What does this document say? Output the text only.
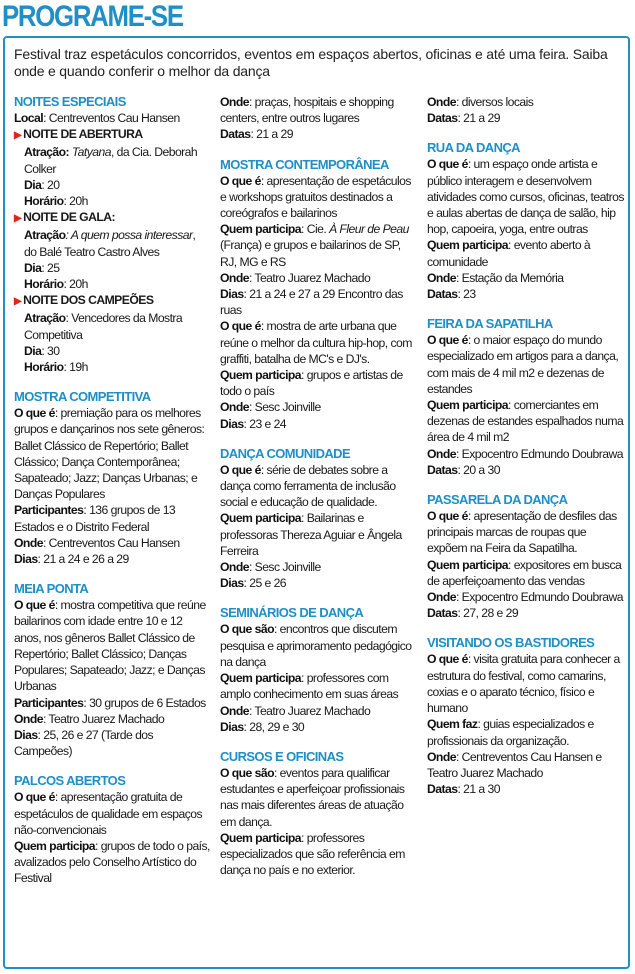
PROGRAME-SE
Festival traz espetáculos concorridos, eventos em espaços abertos, oficinas e até uma feira. Saiba onde e quando conferir o melhor da dança
NOITES ESPECIAIS

Local: Centreventos Cau Hansen

▶ NOITE DE ABERTURA

Atração: Tatyana, da Cia. Deborah Colker

Dia: 20

Horário: 20h

▶ NOITE DE GALA:

Atração: A quem possa interessar, do Balé Teatro Castro Alves

Dia: 25

Horário: 20h

▶ NOITE DOS CAMPEÕES

Atração: Vencedores da Mostra Competitiva

Dia: 30

Horário: 19h

MOSTRA COMPETITIVA

O que é: premiação para os melhores grupos e dançarinos nos sete gêneros: Ballet Clássico de Repertório; Ballet Clássico; Dança Contemporânea; Sapateado; Jazz; Danças Urbanas; e Danças Populares

Participantes: 136 grupos de 13 Estados e o Distrito Federal

Onde: Centreventos Cau Hansen

Dias: 21 a 24 e 26 a 29

MEIA PONTA

O que é: mostra competitiva que reúne bailarinos com idade entre 10 e 12 anos, nos gêneros Ballet Clássico de Repertório; Ballet Clássico; Danças Populares; Sapateado; Jazz; e Danças Urbanas

Participantes: 30 grupos de 6 Estados

Onde: Teatro Juarez Machado

Dias: 25, 26 e 27 (Tarde dos Campeões)

PALCOS ABERTOS

O que é: apresentação gratuita de espetáculos de qualidade em espaços não-convencionais

Quem participa: grupos de todo o país, avalizados pelo Conselho Artístico do Festival

Onde: praças, hospitais e shopping centers, entre outros lugares

Datas: 21 a 29

MOSTRA CONTEMPORÂNEA

O que é: apresentação de espetáculos e workshops gratuitos destinados a coreógrafos e bailarinos

Quem participa: Cie. À Fleur de Peau (França) e grupos e bailarinos de SP, RJ, MG e RS

Onde: Teatro Juarez Machado

Dias: 21 a 24 e 27 a 29 Encontro das ruas

O que é: mostra de arte urbana que reúne o melhor da cultura hip-hop, com graffiti, batalha de MC's e DJ's.

Quem participa: grupos e artistas de todo o país

Onde: Sesc Joinville

Dias: 23 e 24

DANÇA COMUNIDADE

O que é: série de debates sobre a dança como ferramenta de inclusão social e educação de qualidade.

Quem participa: Bailarinas e professoras Thereza Aguiar e Ângela Ferreira

Onde: Sesc Joinville

Dias: 25 e 26

SEMINÁRIOS DE DANÇA

O que são: encontros que discutem pesquisa e aprimoramento pedagógico na dança

Quem participa: professores com amplo conhecimento em suas áreas

Onde: Teatro Juarez Machado

Dias: 28, 29 e 30

CURSOS E OFICINAS

O que são: eventos para qualificar estudantes e aperfeiçoar profissionais nas mais diferentes áreas de atuação em dança.

Quem participa: professores especializados que são referência em dança no país e no exterior.

Onde: diversos locais

Datas: 21 a 29

RUA DA DANÇA

O que é: um espaço onde artista e público interagem e desenvolvem atividades como cursos, oficinas, teatros e aulas abertas de dança de salão, hip hop, capoeira, yoga, entre outras

Quem participa: evento aberto à comunidade

Onde: Estação da Memória

Datas: 23

FEIRA DA SAPATILHA

O que é: o maior espaço do mundo especializado em artigos para a dança, com mais de 4 mil m2 e dezenas de estandes

Quem participa: comerciantes em dezenas de estandes espalhados numa área de 4 mil m2

Onde: Expocentro Edmundo Doubrawa

Datas: 20 a 30

PASSARELA DA DANÇA

O que é: apresentação de desfiles das principais marcas de roupas que expõem na Feira da Sapatilha.

Quem participa: expositores em busca de aperfeiçoamento das vendas

Onde: Expocentro Edmundo Doubrawa

Datas: 27, 28 e 29

VISITANDO OS BASTIDORES

O que é: visita gratuita para conhecer a estrutura do festival, como camarins, coxias e o aparato técnico, físico e humano

Quem faz: guias especializados e profissionais da organização.

Onde: Centreventos Cau Hansen e Teatro Juarez Machado

Datas: 21 a 30
